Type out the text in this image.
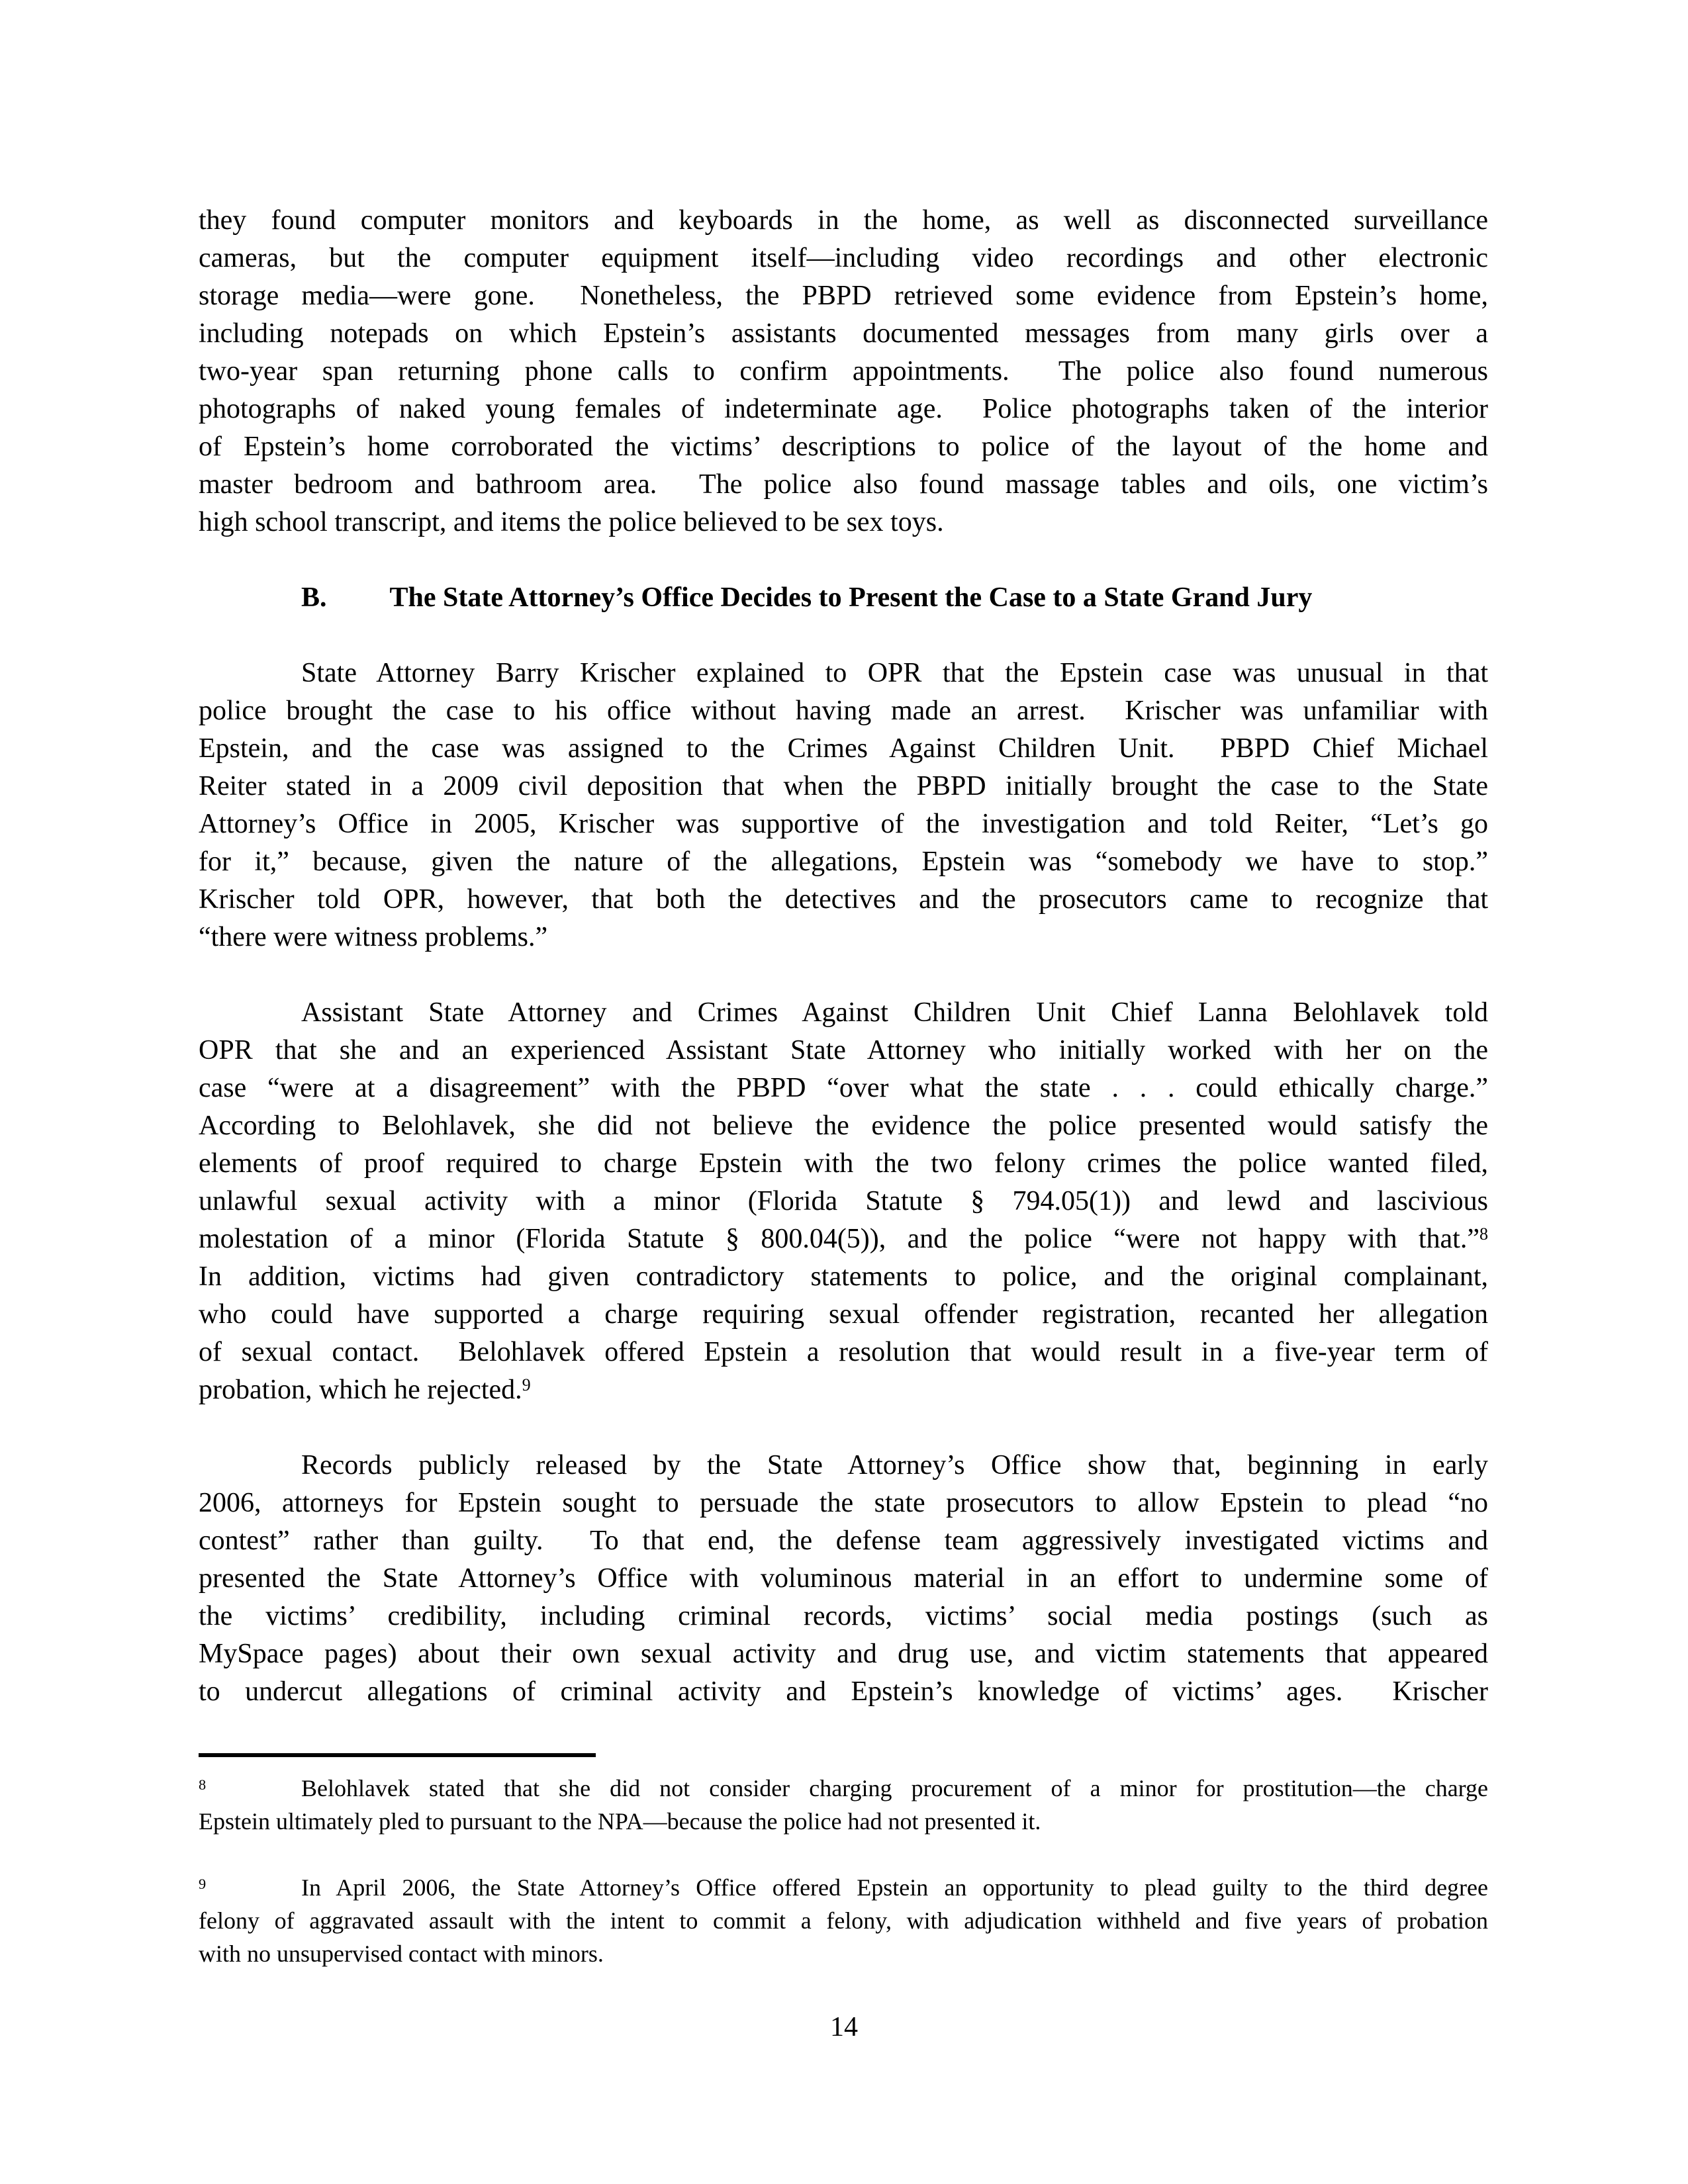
they found computer monitors and keyboards in the home, as well as disconnected surveillance
cameras, but the computer equipment itself—including video recordings and other electronic
storage media—were gone.  Nonetheless, the PBPD retrieved some evidence from Epstein’s home,
including notepads on which Epstein’s assistants documented messages from many girls over a
two-year span returning phone calls to confirm appointments.  The police also found numerous
photographs of naked young females of indeterminate age.  Police photographs taken of the interior
of Epstein’s home corroborated the victims’ descriptions to police of the layout of the home and
master bedroom and bathroom area.  The police also found massage tables and oils, one victim’s
high school transcript, and items the police believed to be sex toys.
B. The State Attorney’s Office Decides to Present the Case to a State Grand Jury
State Attorney Barry Krischer explained to OPR that the Epstein case was unusual in that
police brought the case to his office without having made an arrest.  Krischer was unfamiliar with
Epstein, and the case was assigned to the Crimes Against Children Unit.  PBPD Chief Michael
Reiter stated in a 2009 civil deposition that when the PBPD initially brought the case to the State
Attorney’s Office in 2005, Krischer was supportive of the investigation and told Reiter, “Let’s go
for it,” because, given the nature of the allegations, Epstein was “somebody we have to stop.”
Krischer told OPR, however, that both the detectives and the prosecutors came to recognize that
“there were witness problems.”
Assistant State Attorney and Crimes Against Children Unit Chief Lanna Belohlavek told
OPR that she and an experienced Assistant State Attorney who initially worked with her on the
case “were at a disagreement” with the PBPD “over what the state . . . could ethically charge.”
According to Belohlavek, she did not believe the evidence the police presented would satisfy the
elements of proof required to charge Epstein with the two felony crimes the police wanted filed,
unlawful sexual activity with a minor (Florida Statute § 794.05(1)) and lewd and lascivious
molestation of a minor (Florida Statute § 800.04(5)), and the police “were not happy with that.”$^8$
In addition, victims had given contradictory statements to police, and the original complainant,
who could have supported a charge requiring sexual offender registration, recanted her allegation
of sexual contact.  Belohlavek offered Epstein a resolution that would result in a five-year term of
probation, which he rejected.$^9$
Records publicly released by the State Attorney’s Office show that, beginning in early
2006, attorneys for Epstein sought to persuade the state prosecutors to allow Epstein to plead “no
contest” rather than guilty.  To that end, the defense team aggressively investigated victims and
presented the State Attorney’s Office with voluminous material in an effort to undermine some of
the victims’ credibility, including criminal records, victims’ social media postings (such as
MySpace pages) about their own sexual activity and drug use, and victim statements that appeared
to undercut allegations of criminal activity and Epstein’s knowledge of victims’ ages.  Krischer
$^8$	Belohlavek stated that she did not consider charging procurement of a minor for prostitution—the charge
Epstein ultimately pled to pursuant to the NPA—because the police had not presented it.
$^9$	In April 2006, the State Attorney’s Office offered Epstein an opportunity to plead guilty to the third degree
felony of aggravated assault with the intent to commit a felony, with adjudication withheld and five years of probation
with no unsupervised contact with minors.
14
